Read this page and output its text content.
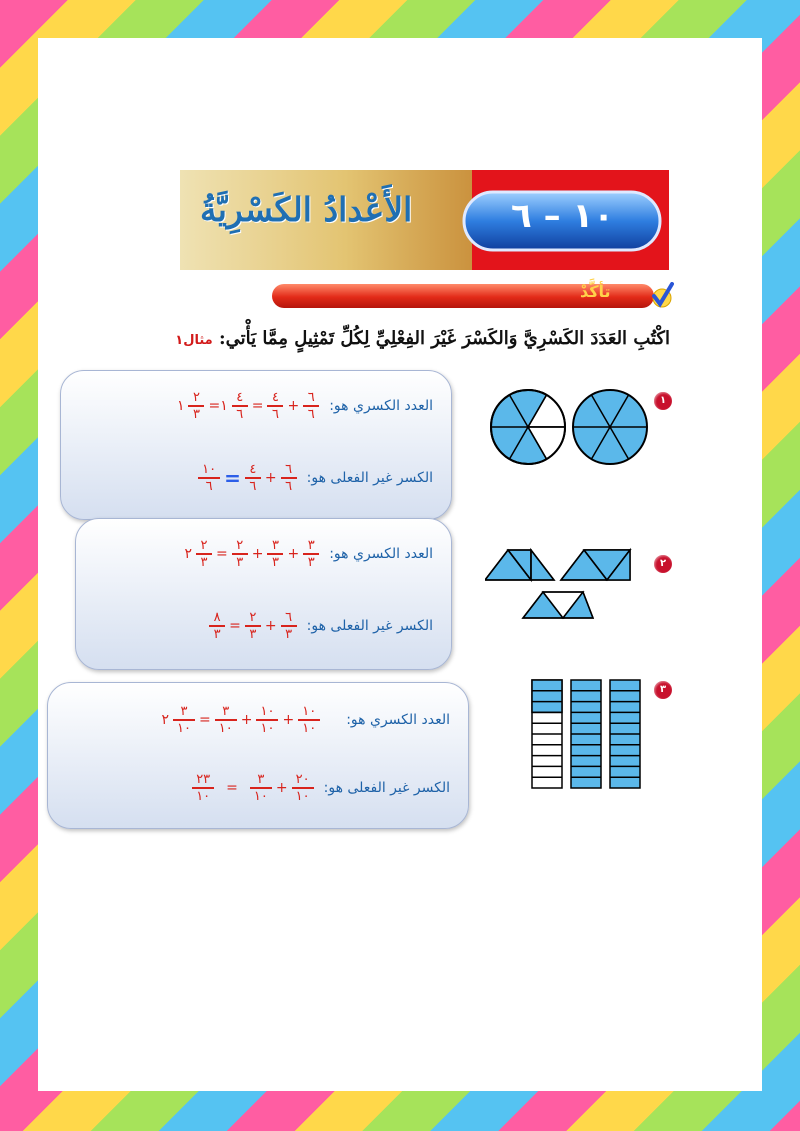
الأَعْدادُ الكَسْرِيَّةُ	١٠ – ٦
تأكَّدْ
اكْتُبِ العَدَدَ الكَسْرِيَّ وَالكَسْرَ غَيْرَ الفِعْلِيِّ لِكُلِّ تَمْثِيلٍ مِمَّا يَأْتي: مثال١
١ $\frac{٢}{٣}$ =١ $\frac{٤}{٦} = \frac{٤}{٦} + \frac{٦}{٦}$ العدد الكسري هو:
$\frac{١٠}{٦} = \frac{٤}{٦} + \frac{٦}{٦}$ الكسر غير الفعلى هو:
٢ $\frac{٢}{٣} = \frac{٢}{٣} + \frac{٣}{٣} + \frac{٣}{٣}$ العدد الكسري هو:
$\frac{٨}{٣} = \frac{٢}{٣} + \frac{٦}{٣}$ الكسر غير الفعلى هو:
٢ $\frac{٣}{١٠} = \frac{٣}{١٠} + \frac{١٠}{١٠} + \frac{١٠}{١٠}$ العدد الكسري هو:
$\frac{٢٣}{١٠} = \frac{٣}{١٠} + \frac{٢٠}{١٠}$ الكسر غير الفعلى هو:
١
٢
٣
